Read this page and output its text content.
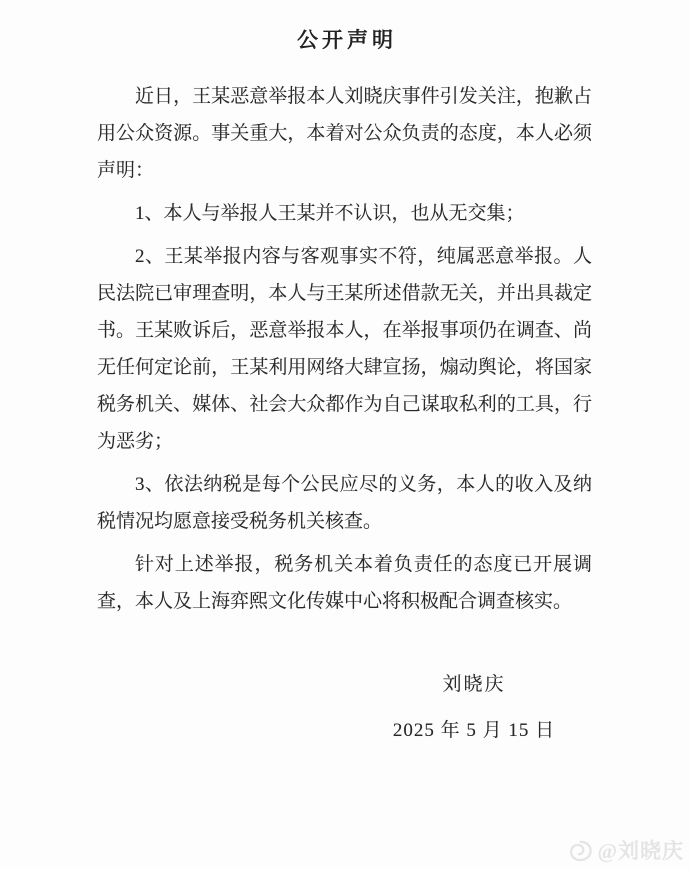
公开声明

近日，王某恶意举报本人刘晓庆事件引发关注，抱歉占用公众资源。事关重大，本着对公众负责的态度，本人必须声明：

1、本人与举报人王某并不认识，也从无交集；

2、王某举报内容与客观事实不符，纯属恶意举报。人民法院已审理查明，本人与王某所述借款无关，并出具裁定书。王某败诉后，恶意举报本人，在举报事项仍在调查、尚无任何定论前，王某利用网络大肆宣扬，煽动舆论，将国家税务机关、媒体、社会大众都作为自己谋取私利的工具，行为恶劣；

3、依法纳税是每个公民应尽的义务，本人的收入及纳税情况均愿意接受税务机关核查。

针对上述举报，税务机关本着负责任的态度已开展调查，本人及上海弈熙文化传媒中心将积极配合调查核实。

刘晓庆
2025 年 5 月 15 日
@刘晓庆
